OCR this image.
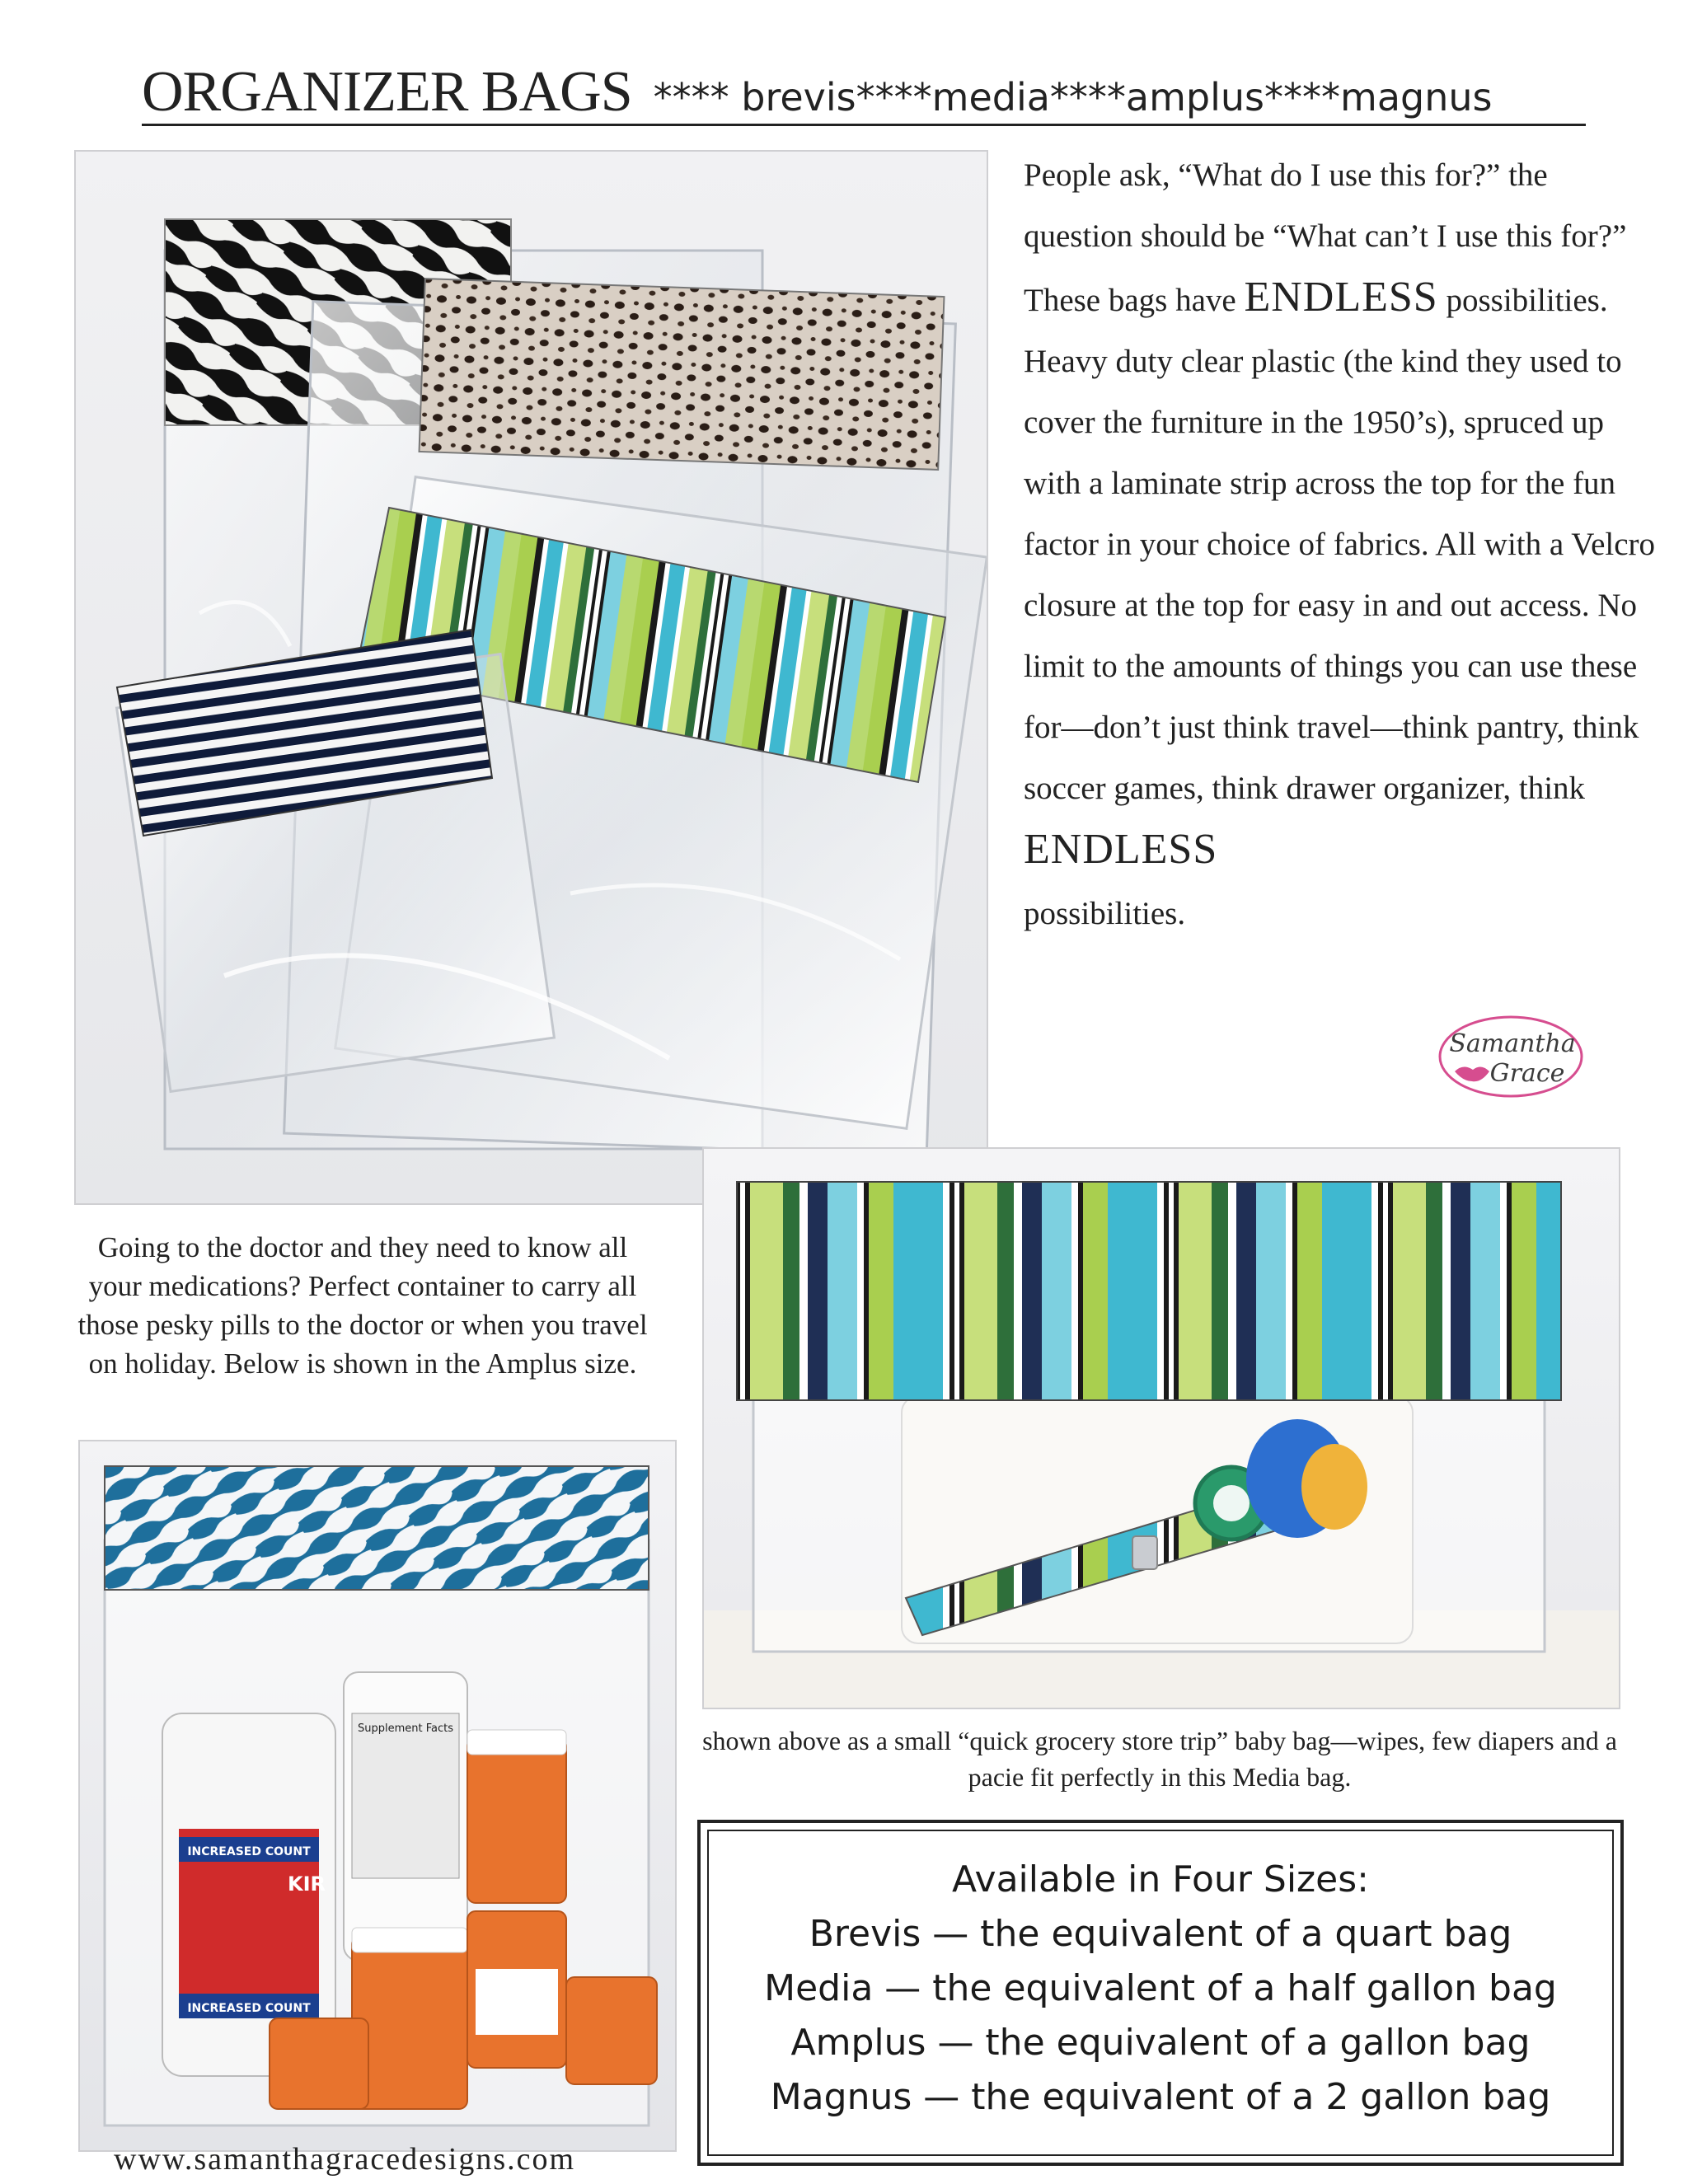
ORGANIZER BAGS **** brevis****media****amplus****magnus
People ask, “What do I use this for?” the question should be “What can’t I use this for?” These bags have ENDLESS possibilities. Heavy duty clear plastic (the kind they used to cover the furniture in the 1950’s), spruced up with a laminate strip across the top for the fun factor in your choice of fabrics. All with a Velcro closure at the top for easy in and out access. No limit to the amounts of things you can use these for—don’t just think travel—think pantry, think soccer games, think drawer organizer, think ENDLESS
possibilities.
Samantha
Grace
Going to the doctor and they need to know all your medications? Perfect container to carry all those pesky pills to the doctor or when you travel on holiday. Below is shown in the Amplus size.
INCREASED COUNT
INCREASED COUNT
KIR
Supplement Facts	shown above as a small “quick grocery store trip” baby bag—wipes, few diapers and a pacie fit perfectly in this Media bag.
Available in Four Sizes:
Brevis — the equivalent of a quart bag
Media — the equivalent of a half gallon bag
Amplus — the equivalent of a gallon bag
Magnus — the equivalent of a 2 gallon bag
www.samanthagracedesigns.com
